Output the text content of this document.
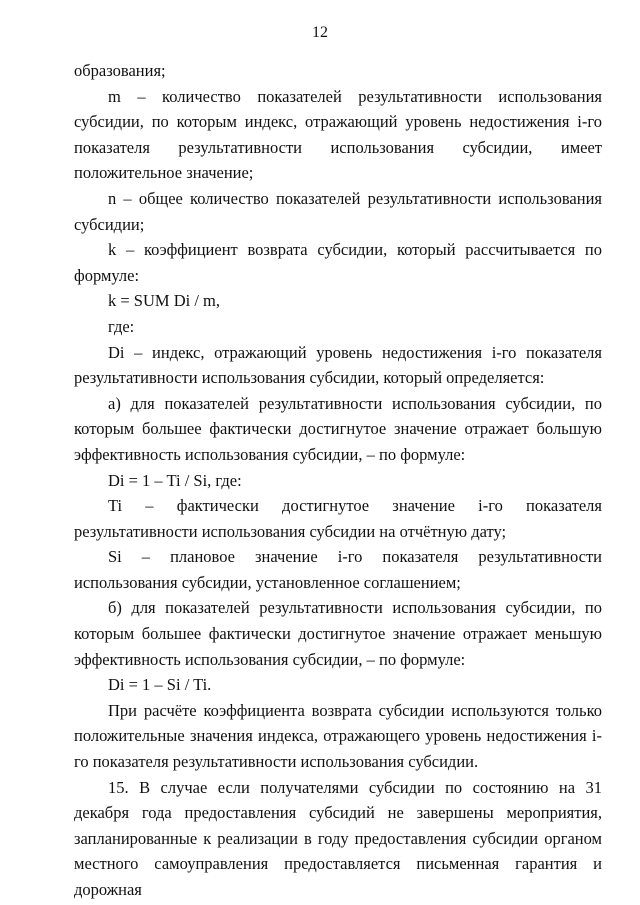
12

образования;

m – количество показателей результативности использования субсидии, по которым индекс, отражающий уровень недостижения i-го показателя результативности использования субсидии, имеет положительное значение;

n – общее количество показателей результативности использования субсидии;

k – коэффициент возврата субсидии, который рассчитывается по формуле:

k = SUM Di / m,

где:

Di – индекс, отражающий уровень недостижения i-го показателя результативности использования субсидии, который определяется:

а) для показателей результативности использования субсидии, по которым большее фактически достигнутое значение отражает большую эффективность использования субсидии, – по формуле:

Di = 1 – Ti / Si, где:

Ti – фактически достигнутое значение i-го показателя результативности использования субсидии на отчётную дату;

Si – плановое значение i-го показателя результативности использования субсидии, установленное соглашением;

б) для показателей результативности использования субсидии, по которым большее фактически достигнутое значение отражает меньшую эффективность использования субсидии, – по формуле:

Di = 1 – Si / Ti.

При расчёте коэффициента возврата субсидии используются только положительные значения индекса, отражающего уровень недостижения i-го показателя результативности использования субсидии.

15. В случае если получателями субсидии по состоянию на 31 декабря года предоставления субсидий не завершены мероприятия, запланированные к реализации в году предоставления субсидии органом местного самоуправления предоставляется письменная гарантия и дорожная
